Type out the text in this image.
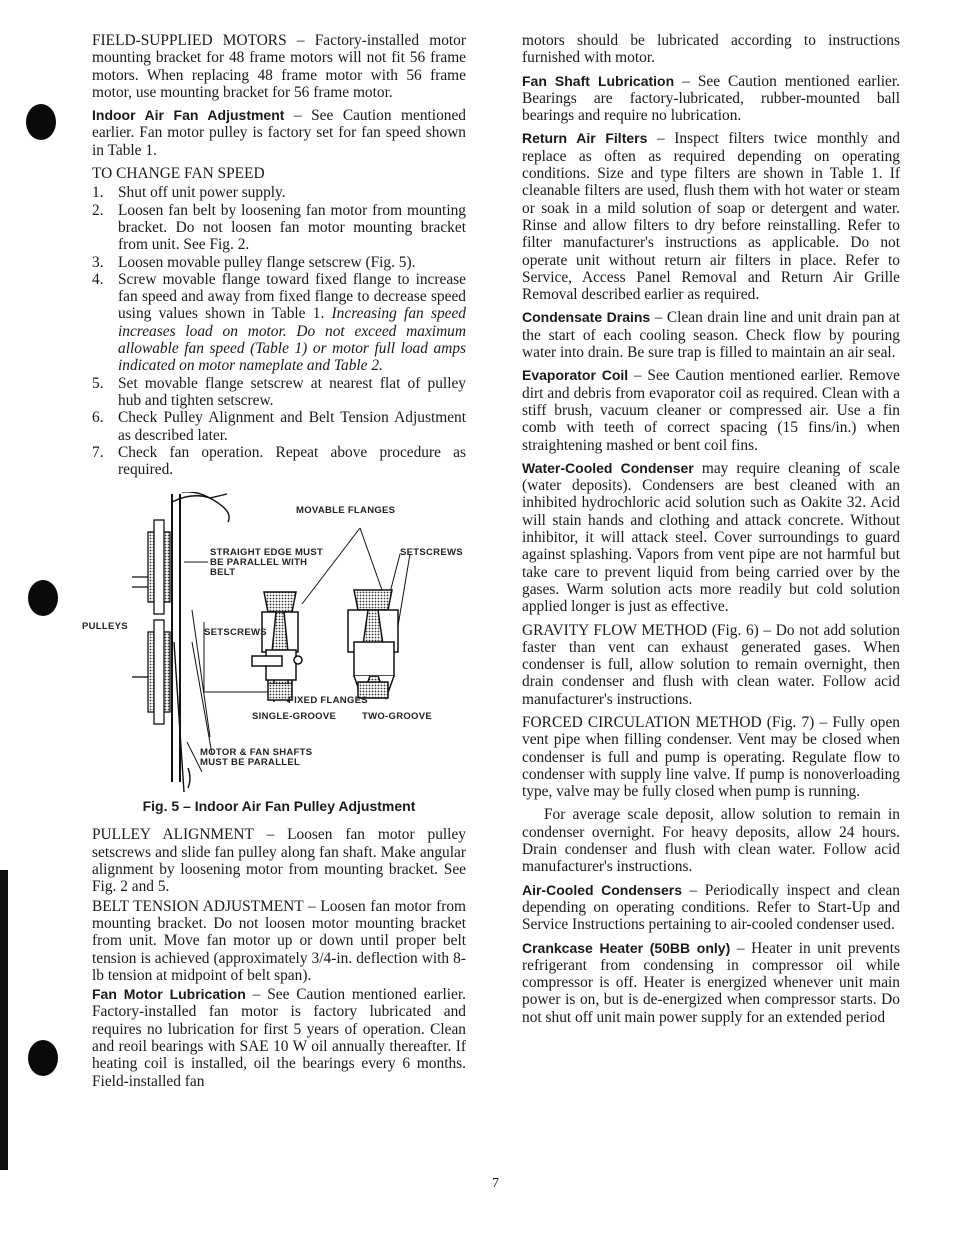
FIELD-SUPPLIED MOTORS – Factory-installed motor mounting bracket for 48 frame motors will not fit 56 frame motors. When replacing 48 frame motor with 56 frame motor, use mounting bracket for 56 frame motor.

Indoor Air Fan Adjustment – See Caution mentioned earlier. Fan motor pulley is factory set for fan speed shown in Table 1.

TO CHANGE FAN SPEED

1. Shut off unit power supply.
2. Loosen fan belt by loosening fan motor from mounting bracket. Do not loosen fan motor mounting bracket from unit. See Fig. 2.
3. Loosen movable pulley flange setscrew (Fig. 5).
4. Screw movable flange toward fixed flange to increase fan speed and away from fixed flange to decrease speed using values shown in Table 1. Increasing fan speed increases load on motor. Do not exceed maximum allowable fan speed (Table 1) or motor full load amps indicated on motor nameplate and Table 2.
5. Set movable flange setscrew at nearest flat of pulley hub and tighten setscrew.
6. Check Pulley Alignment and Belt Tension Adjustment as described later.
7. Check fan operation. Repeat above procedure as required.
MOVABLE FLANGES
STRAIGHT EDGE MUST BE PARALLEL WITH BELT
SETSCREWS
PULLEYS
SETSCREWS
FIXED FLANGES
SINGLE-GROOVE	TWO-GROOVE
MOTOR & FAN SHAFTS MUST BE PARALLEL
Fig. 5 – Indoor Air Fan Pulley Adjustment

PULLEY ALIGNMENT – Loosen fan motor pulley setscrews and slide fan pulley along fan shaft. Make angular alignment by loosening motor from mounting bracket. See Fig. 2 and 5.

BELT TENSION ADJUSTMENT – Loosen fan motor from mounting bracket. Do not loosen motor mounting bracket from unit. Move fan motor up or down until proper belt tension is achieved (approximately 3/4-in. deflection with 8-lb tension at midpoint of belt span).

Fan Motor Lubrication – See Caution mentioned earlier. Factory-installed fan motor is factory lubricated and requires no lubrication for first 5 years of operation. Clean and reoil bearings with SAE 10 W oil annually thereafter. If heating coil is installed, oil the bearings every 6 months. Field-installed fan

motors should be lubricated according to instructions furnished with motor.

Fan Shaft Lubrication – See Caution mentioned earlier. Bearings are factory-lubricated, rubber-mounted ball bearings and require no lubrication.

Return Air Filters – Inspect filters twice monthly and replace as often as required depending on operating conditions. Size and type filters are shown in Table 1. If cleanable filters are used, flush them with hot water or steam or soak in a mild solution of soap or detergent and water. Rinse and allow filters to dry before reinstalling. Refer to filter manufacturer's instructions as applicable. Do not operate unit without return air filters in place. Refer to Service, Access Panel Removal and Return Air Grille Removal described earlier as required.

Condensate Drains – Clean drain line and unit drain pan at the start of each cooling season. Check flow by pouring water into drain. Be sure trap is filled to maintain an air seal.

Evaporator Coil – See Caution mentioned earlier. Remove dirt and debris from evaporator coil as required. Clean with a stiff brush, vacuum cleaner or compressed air. Use a fin comb with teeth of correct spacing (15 fins/in.) when straightening mashed or bent coil fins.

Water-Cooled Condenser may require cleaning of scale (water deposits). Condensers are best cleaned with an inhibited hydrochloric acid solution such as Oakite 32. Acid will stain hands and clothing and attack concrete. Without inhibitor, it will attack steel. Cover surroundings to guard against splashing. Vapors from vent pipe are not harmful but take care to prevent liquid from being carried over by the gases. Warm solution acts more readily but cold solution applied longer is just as effective.

GRAVITY FLOW METHOD (Fig. 6) – Do not add solution faster than vent can exhaust generated gases. When condenser is full, allow solution to remain overnight, then drain condenser and flush with clean water. Follow acid manufacturer's instructions.

FORCED CIRCULATION METHOD (Fig. 7) – Fully open vent pipe when filling condenser. Vent may be closed when condenser is full and pump is operating. Regulate flow to condenser with supply line valve. If pump is nonoverloading type, valve may be fully closed when pump is running.

For average scale deposit, allow solution to remain in condenser overnight. For heavy deposits, allow 24 hours. Drain condenser and flush with clean water. Follow acid manufacturer's instructions.

Air-Cooled Condensers – Periodically inspect and clean depending on operating conditions. Refer to Start-Up and Service Instructions pertaining to air-cooled condenser used.

Crankcase Heater (50BB only) – Heater in unit prevents refrigerant from condensing in compressor oil while compressor is off. Heater is energized whenever unit main power is on, but is de-energized when compressor starts. Do not shut off unit main power supply for an extended period

7
